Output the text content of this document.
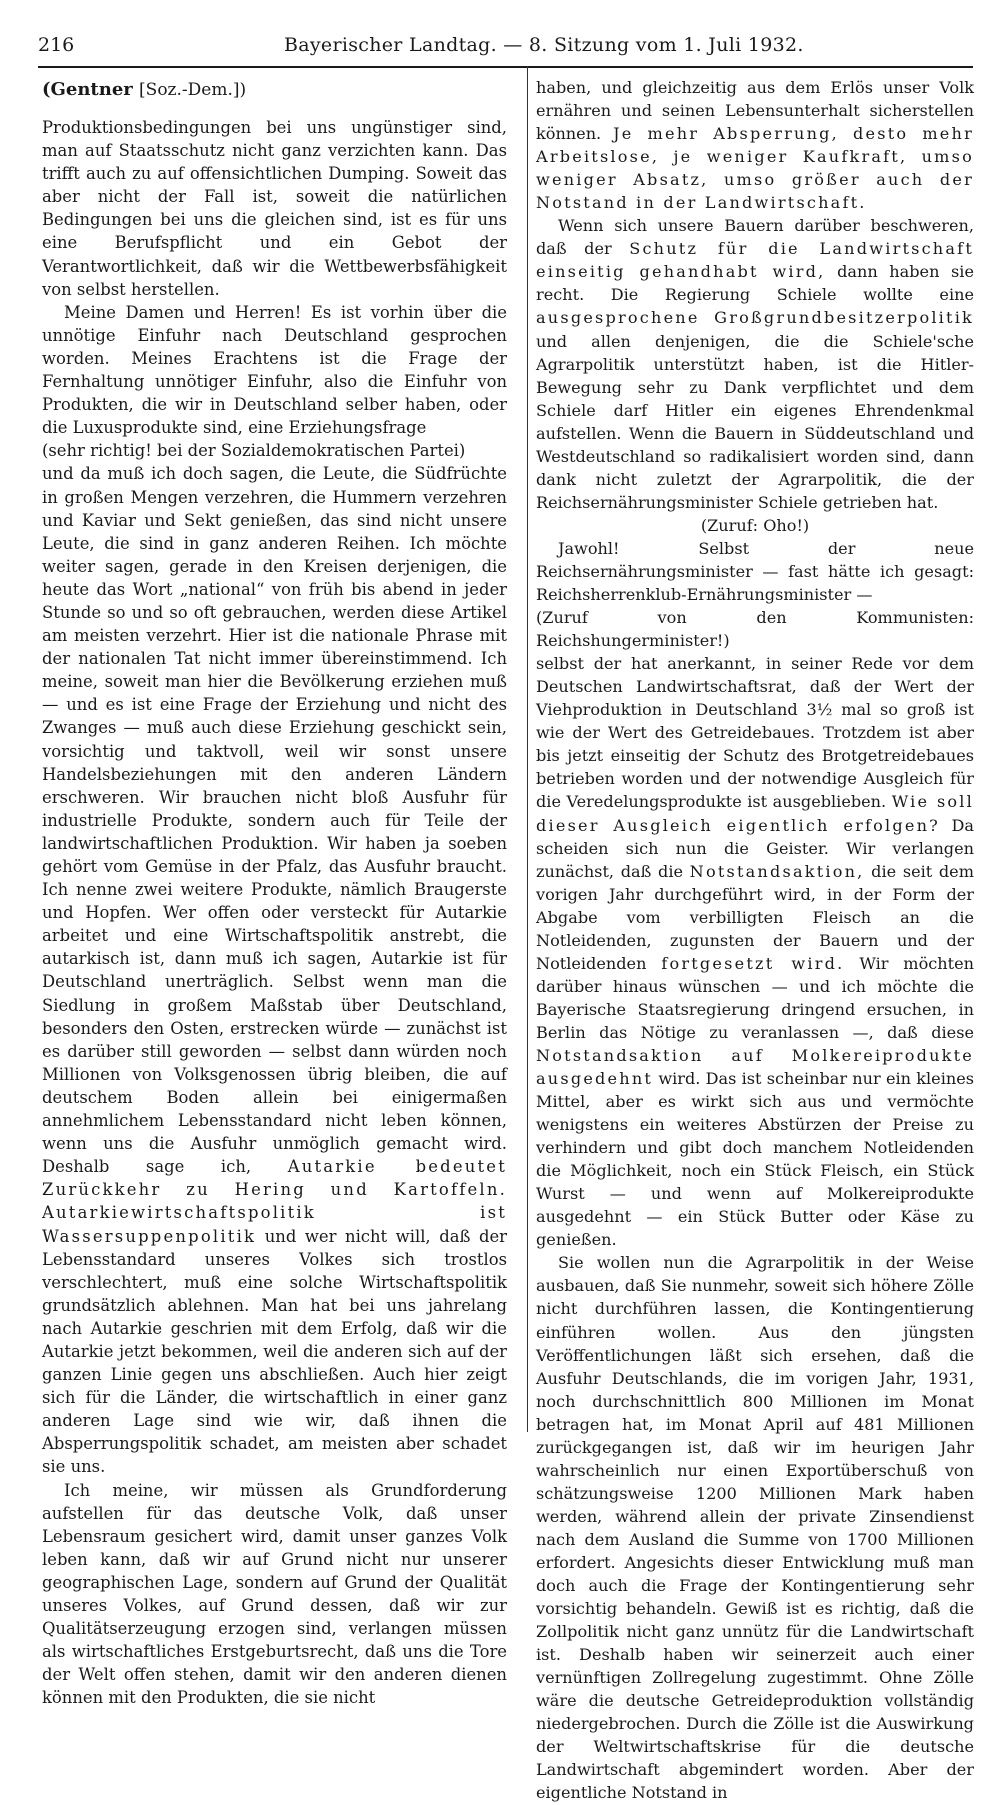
216	Bayerischer Landtag. — 8. Sitzung vom 1. Juli 1932.

(Gentner [Soz.-Dem.])

Produktionsbedingungen bei uns ungünstiger sind, man auf Staatsschutz nicht ganz verzichten kann. Das trifft auch zu auf offensichtlichen Dumping. Soweit das aber nicht der Fall ist, soweit die natürlichen Bedingungen bei uns die gleichen sind, ist es für uns eine Berufspflicht und ein Gebot der Verantwortlichkeit, daß wir die Wettbewerbsfähigkeit von selbst herstellen.

Meine Damen und Herren! Es ist vorhin über die unnötige Einfuhr nach Deutschland gesprochen worden. Meines Erachtens ist die Frage der Fernhaltung unnötiger Einfuhr, also die Einfuhr von Produkten, die wir in Deutschland selber haben, oder die Luxusprodukte sind, eine Erziehungsfrage

(sehr richtig! bei der Sozialdemokratischen Partei)

und da muß ich doch sagen, die Leute, die Südfrüchte in großen Mengen verzehren, die Hummern verzehren und Kaviar und Sekt genießen, das sind nicht unsere Leute, die sind in ganz anderen Reihen. Ich möchte weiter sagen, gerade in den Kreisen derjenigen, die heute das Wort „national“ von früh bis abend in jeder Stunde so und so oft gebrauchen, werden diese Artikel am meisten verzehrt. Hier ist die nationale Phrase mit der nationalen Tat nicht immer übereinstimmend. Ich meine, soweit man hier die Bevölkerung erziehen muß — und es ist eine Frage der Erziehung und nicht des Zwanges — muß auch diese Erziehung geschickt sein, vorsichtig und taktvoll, weil wir sonst unsere Handelsbeziehungen mit den anderen Ländern erschweren. Wir brauchen nicht bloß Ausfuhr für industrielle Produkte, sondern auch für Teile der landwirtschaftlichen Produktion. Wir haben ja soeben gehört vom Gemüse in der Pfalz, das Ausfuhr braucht. Ich nenne zwei weitere Produkte, nämlich Braugerste und Hopfen. Wer offen oder versteckt für Autarkie arbeitet und eine Wirtschaftspolitik anstrebt, die autarkisch ist, dann muß ich sagen, Autarkie ist für Deutschland unerträglich. Selbst wenn man die Siedlung in großem Maßstab über Deutschland, besonders den Osten, erstrecken würde — zunächst ist es darüber still geworden — selbst dann würden noch Millionen von Volksgenossen übrig bleiben, die auf deutschem Boden allein bei einigermaßen annehmlichem Lebensstandard nicht leben können, wenn uns die Ausfuhr unmöglich gemacht wird. Deshalb sage ich, Autarkie bedeutet Zurückkehr zu Hering und Kartoffeln. Autarkiewirtschaftspolitik ist Wassersuppenpolitik und wer nicht will, daß der Lebensstandard unseres Volkes sich trostlos verschlechtert, muß eine solche Wirtschaftspolitik grundsätzlich ablehnen. Man hat bei uns jahrelang nach Autarkie geschrien mit dem Erfolg, daß wir die Autarkie jetzt bekommen, weil die anderen sich auf der ganzen Linie gegen uns abschließen. Auch hier zeigt sich für die Länder, die wirtschaftlich in einer ganz anderen Lage sind wie wir, daß ihnen die Absperrungspolitik schadet, am meisten aber schadet sie uns.

Ich meine, wir müssen als Grundforderung aufstellen für das deutsche Volk, daß unser Lebensraum gesichert wird, damit unser ganzes Volk leben kann, daß wir auf Grund nicht nur unserer geographischen Lage, sondern auf Grund der Qualität unseres Volkes, auf Grund dessen, daß wir zur Qualitätserzeugung erzogen sind, verlangen müssen als wirtschaftliches Erstgeburtsrecht, daß uns die Tore der Welt offen stehen, damit wir den anderen dienen können mit den Produkten, die sie nicht

haben, und gleichzeitig aus dem Erlös unser Volk ernähren und seinen Lebensunterhalt sicherstellen können. Je mehr Absperrung, desto mehr Arbeitslose, je weniger Kaufkraft, umso weniger Absatz, umso größer auch der Notstand in der Landwirtschaft.

Wenn sich unsere Bauern darüber beschweren, daß der Schutz für die Landwirtschaft einseitig gehandhabt wird, dann haben sie recht. Die Regierung Schiele wollte eine ausgesprochene Großgrundbesitzerpolitik und allen denjenigen, die die Schiele'sche Agrarpolitik unterstützt haben, ist die Hitler-Bewegung sehr zu Dank verpflichtet und dem Schiele darf Hitler ein eigenes Ehrendenkmal aufstellen. Wenn die Bauern in Süddeutschland und Westdeutschland so radikalisiert worden sind, dann dank nicht zuletzt der Agrarpolitik, die der Reichsernährungsminister Schiele getrieben hat.

(Zuruf: Oho!)

Jawohl! Selbst der neue Reichsernährungsminister — fast hätte ich gesagt: Reichsherrenklub-Ernährungsminister —

(Zuruf von den Kommunisten: Reichshungerminister!)

selbst der hat anerkannt, in seiner Rede vor dem Deutschen Landwirtschaftsrat, daß der Wert der Viehproduktion in Deutschland 3½ mal so groß ist wie der Wert des Getreidebaues. Trotzdem ist aber bis jetzt einseitig der Schutz des Brotgetreidebaues betrieben worden und der notwendige Ausgleich für die Veredelungsprodukte ist ausgeblieben. Wie soll dieser Ausgleich eigentlich erfolgen? Da scheiden sich nun die Geister. Wir verlangen zunächst, daß die Notstandsaktion, die seit dem vorigen Jahr durchgeführt wird, in der Form der Abgabe vom verbilligten Fleisch an die Notleidenden, zugunsten der Bauern und der Notleidenden fortgesetzt wird. Wir möchten darüber hinaus wünschen — und ich möchte die Bayerische Staatsregierung dringend ersuchen, in Berlin das Nötige zu veranlassen —, daß diese Notstandsaktion auf Molkereiprodukte ausgedehnt wird. Das ist scheinbar nur ein kleines Mittel, aber es wirkt sich aus und vermöchte wenigstens ein weiteres Abstürzen der Preise zu verhindern und gibt doch manchem Notleidenden die Möglichkeit, noch ein Stück Fleisch, ein Stück Wurst — und wenn auf Molkereiprodukte ausgedehnt — ein Stück Butter oder Käse zu genießen.

Sie wollen nun die Agrarpolitik in der Weise ausbauen, daß Sie nunmehr, soweit sich höhere Zölle nicht durchführen lassen, die Kontingentierung einführen wollen. Aus den jüngsten Veröffentlichungen läßt sich ersehen, daß die Ausfuhr Deutschlands, die im vorigen Jahr, 1931, noch durchschnittlich 800 Millionen im Monat betragen hat, im Monat April auf 481 Millionen zurückgegangen ist, daß wir im heurigen Jahr wahrscheinlich nur einen Exportüberschuß von schätzungsweise 1200 Millionen Mark haben werden, während allein der private Zinsendienst nach dem Ausland die Summe von 1700 Millionen erfordert. Angesichts dieser Entwicklung muß man doch auch die Frage der Kontingentierung sehr vorsichtig behandeln. Gewiß ist es richtig, daß die Zollpolitik nicht ganz unnütz für die Landwirtschaft ist. Deshalb haben wir seinerzeit auch einer vernünftigen Zollregelung zugestimmt. Ohne Zölle wäre die deutsche Getreideproduktion vollständig niedergebrochen. Durch die Zölle ist die Auswirkung der Weltwirtschaftskrise für die deutsche Landwirtschaft abgemindert worden. Aber der eigentliche Notstand in
